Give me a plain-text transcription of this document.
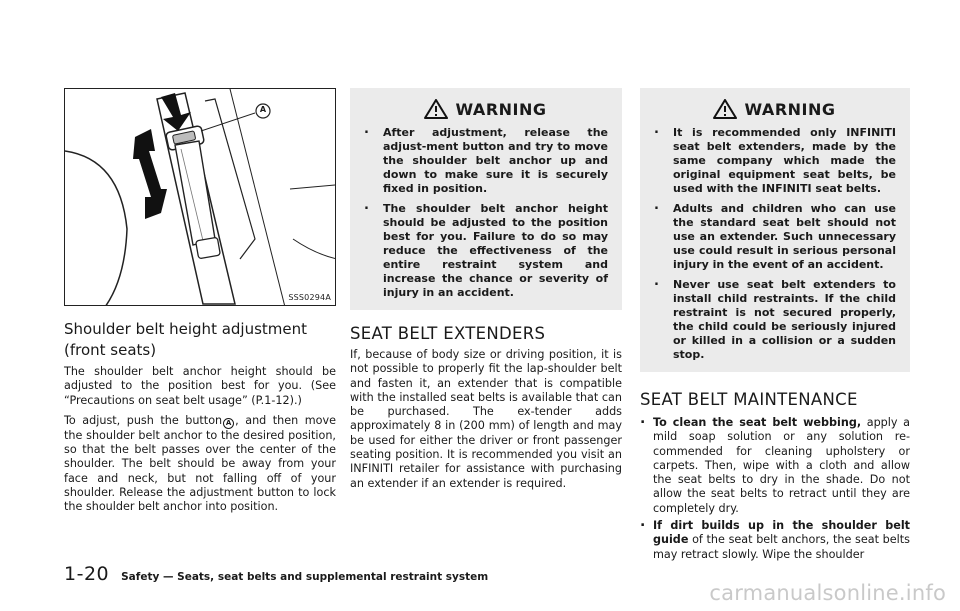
A
SSS0294A
Shoulder belt height adjustment (front seats)

The shoulder belt anchor height should be adjusted to the position best for you. (See “Precautions on seat belt usage” (P.1-12).)

To adjust, push the button A , and then move the shoulder belt anchor to the desired position, so that the belt passes over the center of the shoulder. The belt should be away from your face and neck, but not falling off of your shoulder. Release the adjustment button to lock the shoulder belt anchor into position.

WARNING
. After adjustment, release the adjust-ment button and try to move the shoulder belt anchor up and down to make sure it is securely fixed in position.
. The shoulder belt anchor height should be adjusted to the position best for you. Failure to do so may reduce the effectiveness of the entire restraint system and increase the chance or severity of injury in an accident.
SEAT BELT EXTENDERS

If, because of body size or driving position, it is not possible to properly fit the lap-shoulder belt and fasten it, an extender that is compatible with the installed seat belts is available that can be purchased. The ex-tender adds approximately 8 in (200 mm) of length and may be used for either the driver or front passenger seating position. It is recommended you visit an INFINITI retailer for assistance with purchasing an extender if an extender is required.

WARNING
. It is recommended only INFINITI seat belt extenders, made by the same company which made the original equipment seat belts, be used with the INFINITI seat belts.
. Adults and children who can use the standard seat belt should not use an extender. Such unnecessary use could result in serious personal injury in the event of an accident.
. Never use seat belt extenders to install child restraints. If the child restraint is not secured properly, the child could be seriously injured or killed in a collision or a sudden stop.
SEAT BELT MAINTENANCE
. To clean the seat belt webbing, apply a mild soap solution or any solution re-commended for cleaning upholstery or carpets. Then, wipe with a cloth and allow the seat belts to dry in the shade. Do not allow the seat belts to retract until they are completely dry.
. If dirt builds up in the shoulder belt guide of the seat belt anchors, the seat belts may retract slowly. Wipe the shoulder
1-20 Safety — Seats, seat belts and supplemental restraint system
carmanualsonline.info
